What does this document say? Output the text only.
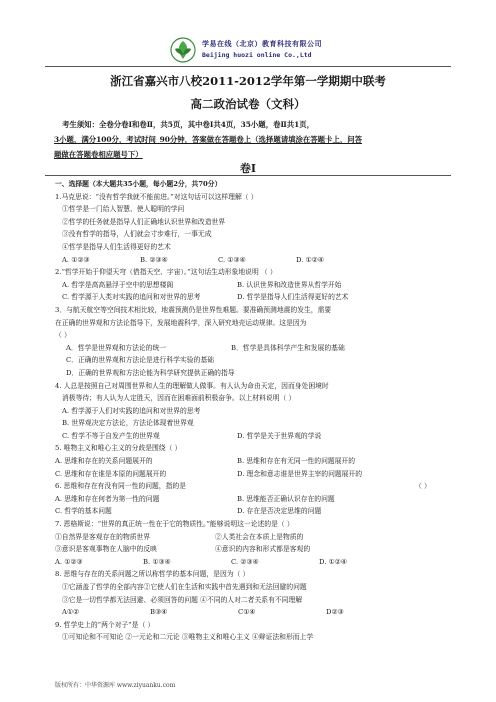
学易在线（北京）教育科技有限公司
Beijing huozi online Co.,Ltd
浙江省嘉兴市八校2011-2012学年第一学期期中联考
高二政治试卷（文科）
考生须知：全卷分卷Ⅰ和卷Ⅱ，共5页，其中卷Ⅰ共4页，35小题，卷Ⅱ共1页，
3小题，满分100分，考试时间_90分钟，答案做在答题卷上（选择题请填涂在答题卡上，问答
题做在答题卷相应题号下）
卷Ⅰ
一、选择题（本大题共35小题，每小题2分，共70分）
1.马克思说：“没有哲学我就不能前进。”对这句话可以这样理解（ ）
①哲学是一门给人智慧、使人聪明的学问
②哲学的任务就是指导人们正确地认识世界和改造世界
③没有哲学的指导，人们就会寸步难行，一事无成
④哲学是指导人们生活得更好的艺术
A. ①②③	B. ②③④	C. ①③④	D. ①②④
2.“哲学开始于仰望天穹（借指天空、宇宙）。”这句话生动形象地说明 （ ）
A. 哲学是高高悬浮于空中的思想楼阁	B. 认识世界和改造世界从哲学开始
C. 哲学源于人类对实践的追问和对世界的思考	D. 哲学是指导人们生活得更好的艺术
3．与航天航空等空间技术相比较，地震预测仍是世界性难题。要准确预测地震的发生，需要
在正确的世界观和方法论指导下，发展地震科学，深入研究地壳运动规律。这是因为
（ ）
A．哲学是世界观和方法论的统一	B．哲学是具体科学产生和发展的基础
C．正确的世界观和方法论是进行科学实验的基础
D．正确的世界观和方法论能为科学研究提供正确的指导
4. 人总是按照自己对周围世界和人生的理解做人做事。有人认为命由天定，因而身处困境时
消极等待；有人认为人定胜天，因而在困难面前积极奋争。以上材料说明（ ）
A. 哲学源于人们对实践的追问和对世界的思考
B. 世界观决定方法论，方法论体现着世界观
C. 哲学不等于自发产生的世界观	D. 哲学是关于世界观的学说
5. 唯物主义和唯心主义的分歧是围绕（ ）
A. 思维和存在的关系问题展开的	B. 思维和存在有无同一性的问题展开的
C. 思维和存在谁是本原的问题展开的	D. 理念和意志谁是世界主宰的问题展开的
6. 思维和存在有没有同一性的问题，指的是	（ ）
A. 思维和存在何者为第一性的问题	B. 思维能否正确认识存在的问题
C. 哲学的基本问题	D. 存在是否决定思维的问题
7. 恩格斯说：“世界的真正统一性在于它的物质性。”能够说明这一论述的是（ ）
①自然界是客观存在的物质世界	②人类社会在本质上是物质的
③意识是客观事物在人脑中的反映	④意识的内容和形式都是客观的
A. ①②③	B. ①③④	C. ②③④	D. ①②④
8. 思维与存在的关系问题之所以称哲学的基本问题，是因为（ ）
①它涵盖了哲学的全部内容②它使人们在生活和实践中首先遇到和无法回避的问题
③它是一切哲学都无法回避、必须回答的问题 ④不同的人对二者关系有不同理解
A①②	B③④	C①④	D②③
9. 哲学史上的“两个对子”是（ ）
①可知论和不可知论 ②一元论和二元论 ③唯物主义和唯心主义 ④辩证法和形而上学
版权所有：中华资源库 www.ziyuanku.com
